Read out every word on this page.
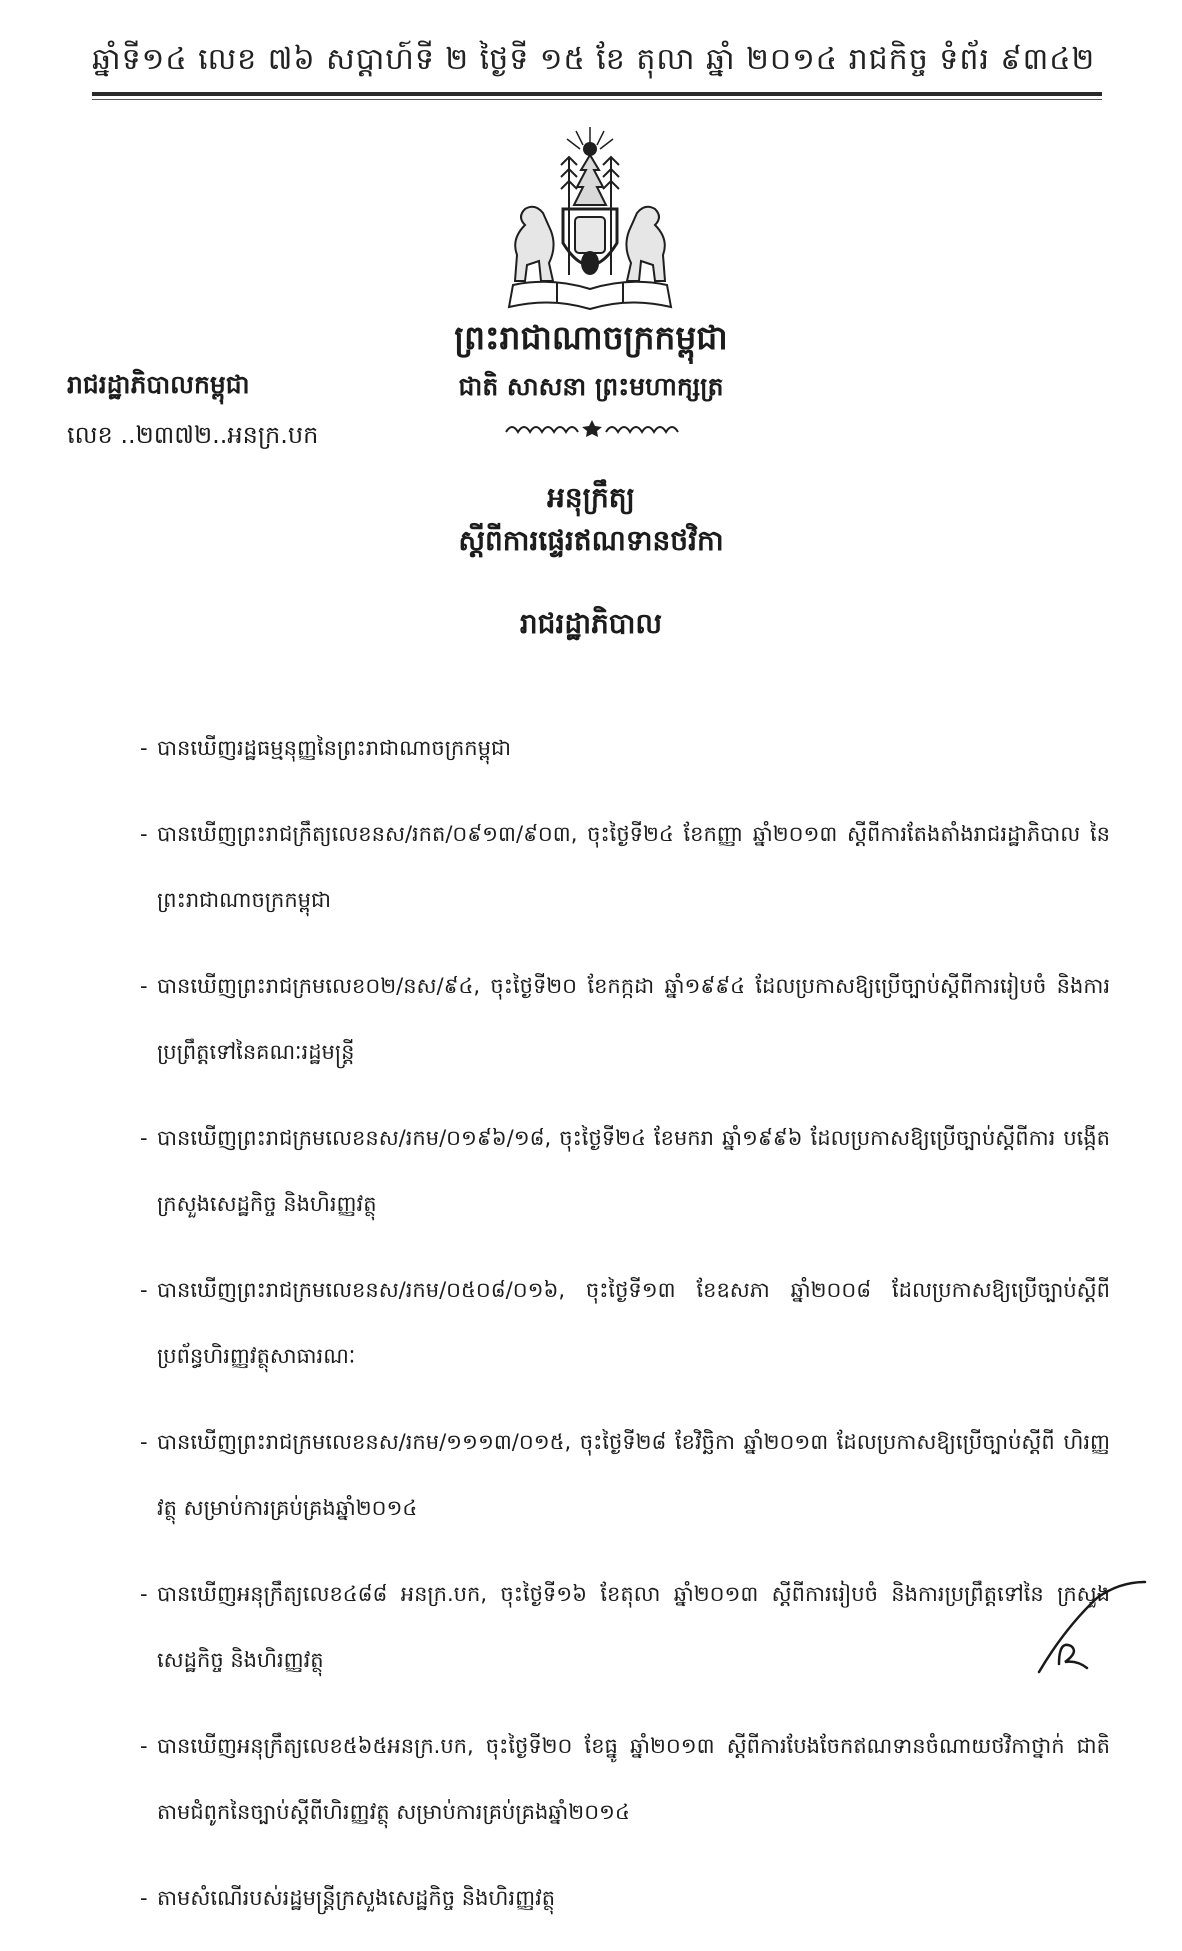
ឆ្នាំទី១៤ លេខ ៧៦ សប្តាហ៍ទី ២ ថ្ងៃទី ១៥ ខែ តុលា ឆ្នាំ ២០១៤ រាជកិច្ច ទំព័រ ៩៣៤២
ព្រះរាជាណាចក្រកម្ពុជា
ជាតិ សាសនា ព្រះមហាក្សត្រ
រាជរដ្ឋាភិបាលកម្ពុជា
លេខ ..២៣៧២..អនក្រ.បក
អនុក្រឹត្យ
ស្តីពីការផ្ទេរឥណទានថវិកា
រាជរដ្ឋាភិបាល
- បានឃើញរដ្ឋធម្មនុញ្ញនៃព្រះរាជាណាចក្រកម្ពុជា
- បានឃើញព្រះរាជក្រឹត្យលេខនស/រកត/០៩១៣/៩០៣, ចុះថ្ងៃទី២៤ ខែកញ្ញា ឆ្នាំ២០១៣ ស្តីពីការតែងតាំងរាជរដ្ឋាភិបាល នៃព្រះរាជាណាចក្រកម្ពុជា
- បានឃើញព្រះរាជក្រមលេខ០២/នស/៩៤, ចុះថ្ងៃទី២០ ខែកក្កដា ឆ្នាំ១៩៩៤ ដែលប្រកាសឱ្យប្រើច្បាប់ស្តីពីការរៀបចំ និងការប្រព្រឹត្តទៅនៃគណៈរដ្ឋមន្ត្រី
- បានឃើញព្រះរាជក្រមលេខនស/រកម/០១៩៦/១៨, ចុះថ្ងៃទី២៤ ខែមករា ឆ្នាំ១៩៩៦ ដែលប្រកាសឱ្យប្រើច្បាប់ស្តីពីការ បង្កើតក្រសួងសេដ្ឋកិច្ច និងហិរញ្ញវត្ថុ
- បានឃើញព្រះរាជក្រមលេខនស/រកម/០៥០៨/០១៦, ចុះថ្ងៃទី១៣ ខែឧសភា ឆ្នាំ២០០៨ ដែលប្រកាសឱ្យប្រើច្បាប់ស្តីពី ប្រព័ន្ធហិរញ្ញវត្ថុសាធារណៈ
- បានឃើញព្រះរាជក្រមលេខនស/រកម/១១១៣/០១៥, ចុះថ្ងៃទី២៨ ខែវិច្ឆិកា ឆ្នាំ២០១៣ ដែលប្រកាសឱ្យប្រើច្បាប់ស្តីពី ហិរញ្ញវត្ថុ សម្រាប់ការគ្រប់គ្រងឆ្នាំ២០១៤
- បានឃើញអនុក្រឹត្យលេខ៤៨៨ អនក្រ.បក, ចុះថ្ងៃទី១៦ ខែតុលា ឆ្នាំ២០១៣ ស្តីពីការរៀបចំ និងការប្រព្រឹត្តទៅនៃ ក្រសួងសេដ្ឋកិច្ច និងហិរញ្ញវត្ថុ
- បានឃើញអនុក្រឹត្យលេខ៥៦៥អនក្រ.បក, ចុះថ្ងៃទី២០ ខែធ្នូ ឆ្នាំ២០១៣ ស្តីពីការបែងចែកឥណទានចំណាយថវិកាថ្នាក់ ជាតិតាមជំពូកនៃច្បាប់ស្តីពីហិរញ្ញវត្ថុ សម្រាប់ការគ្រប់គ្រងឆ្នាំ២០១៤
- តាមសំណើរបស់រដ្ឋមន្ត្រីក្រសួងសេដ្ឋកិច្ច និងហិរញ្ញវត្ថុ
